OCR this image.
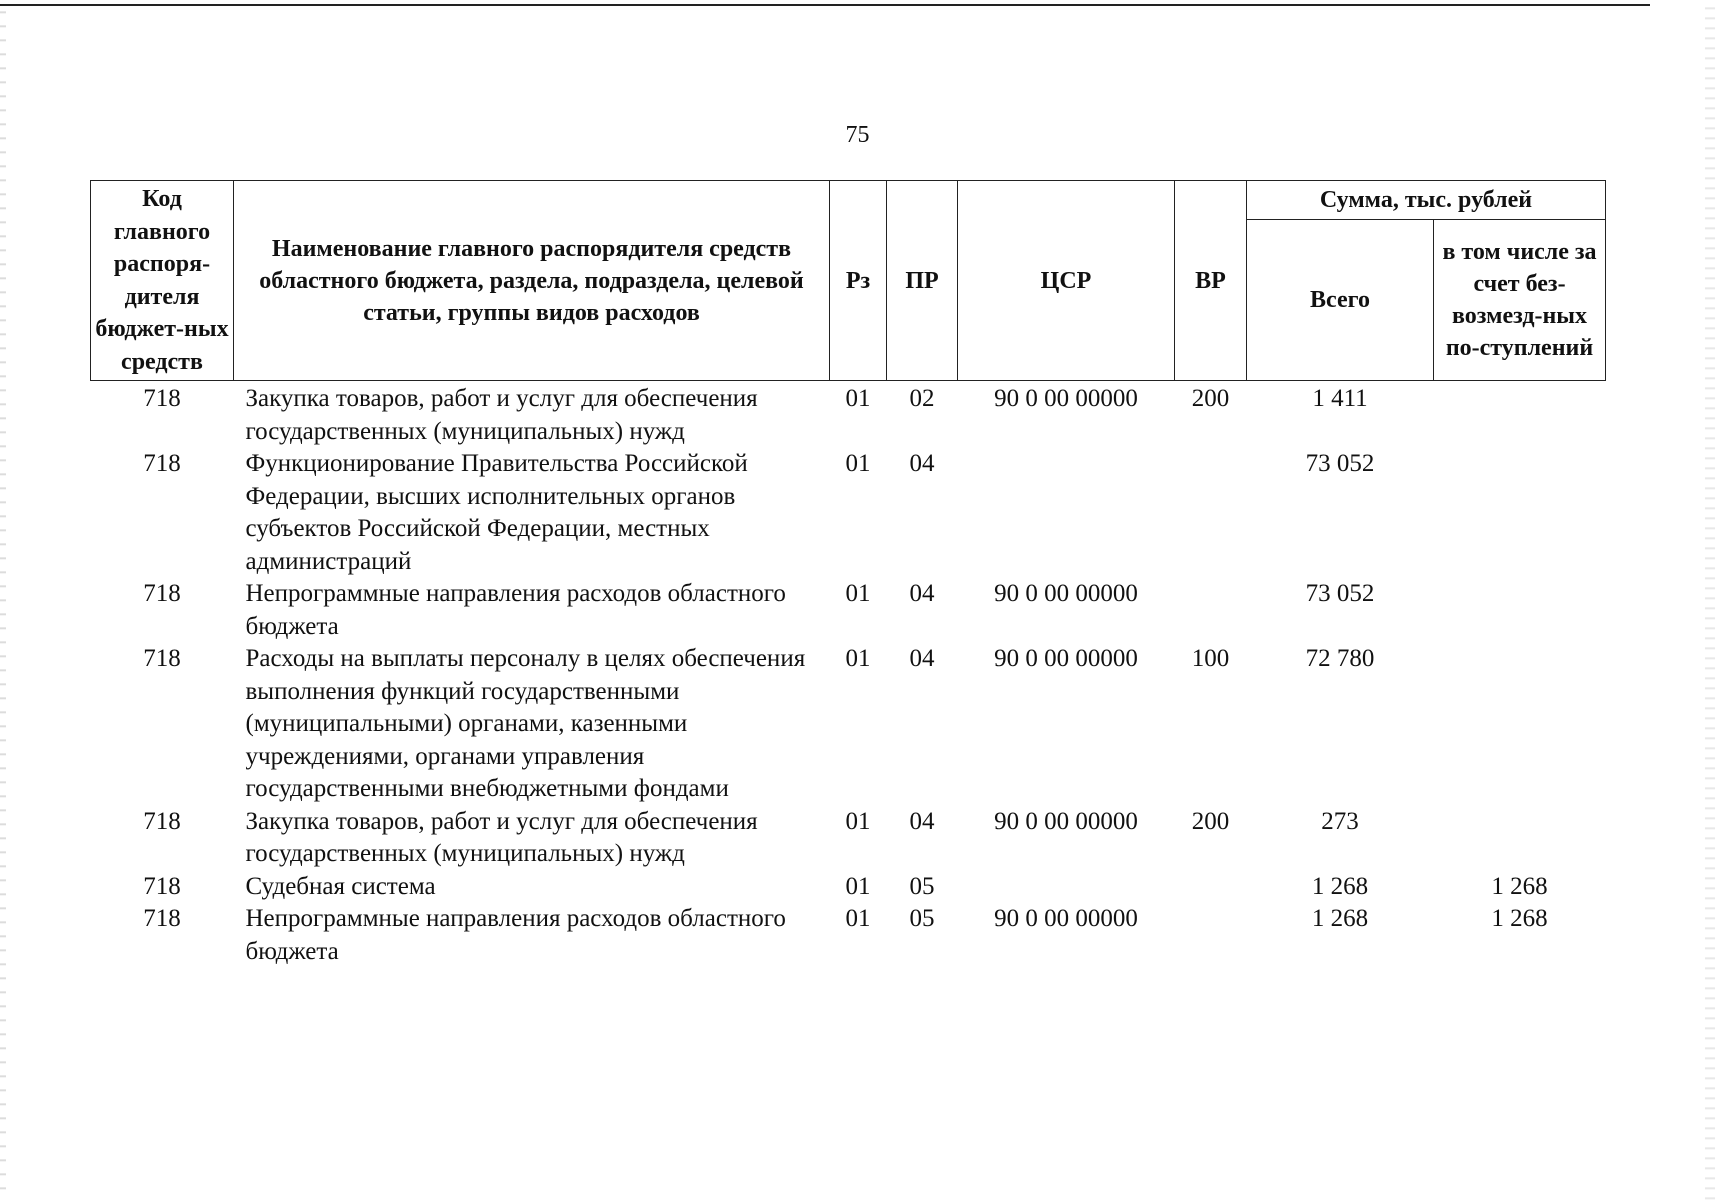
75
Код главного распоря-дителя бюджет-ных средств	Наименование главного распорядителя средств областного бюджета, раздела, подраздела, целевой статьи, группы видов расходов	Рз	ПР	ЦСР	ВР	Сумма, тыс. рублей	
						Всего	в том числе за счет без-возмезд-ных по-ступлений
718	Закупка товаров, работ и услуг для обеспечения государственных (муниципальных) нужд	01	02	90 0 00 00000	200	1 411	
718	Функционирование Правительства Российской Федерации, высших исполнительных органов субъектов Российской Федерации, местных администраций	01	04			73 052	
718	Непрограммные направления расходов областного бюджета	01	04	90 0 00 00000		73 052	
718	Расходы на выплаты персоналу в целях обеспечения выполнения функций государственными (муниципальными) органами, казенными учреждениями, органами управления государственными внебюджетными фондами	01	04	90 0 00 00000	100	72 780	
718	Закупка товаров, работ и услуг для обеспечения государственных (муниципальных) нужд	01	04	90 0 00 00000	200	273	
718	Судебная система	01	05			1 268	1 268
718	Непрограммные направления расходов областного бюджета	01	05	90 0 00 00000		1 268	1 268
